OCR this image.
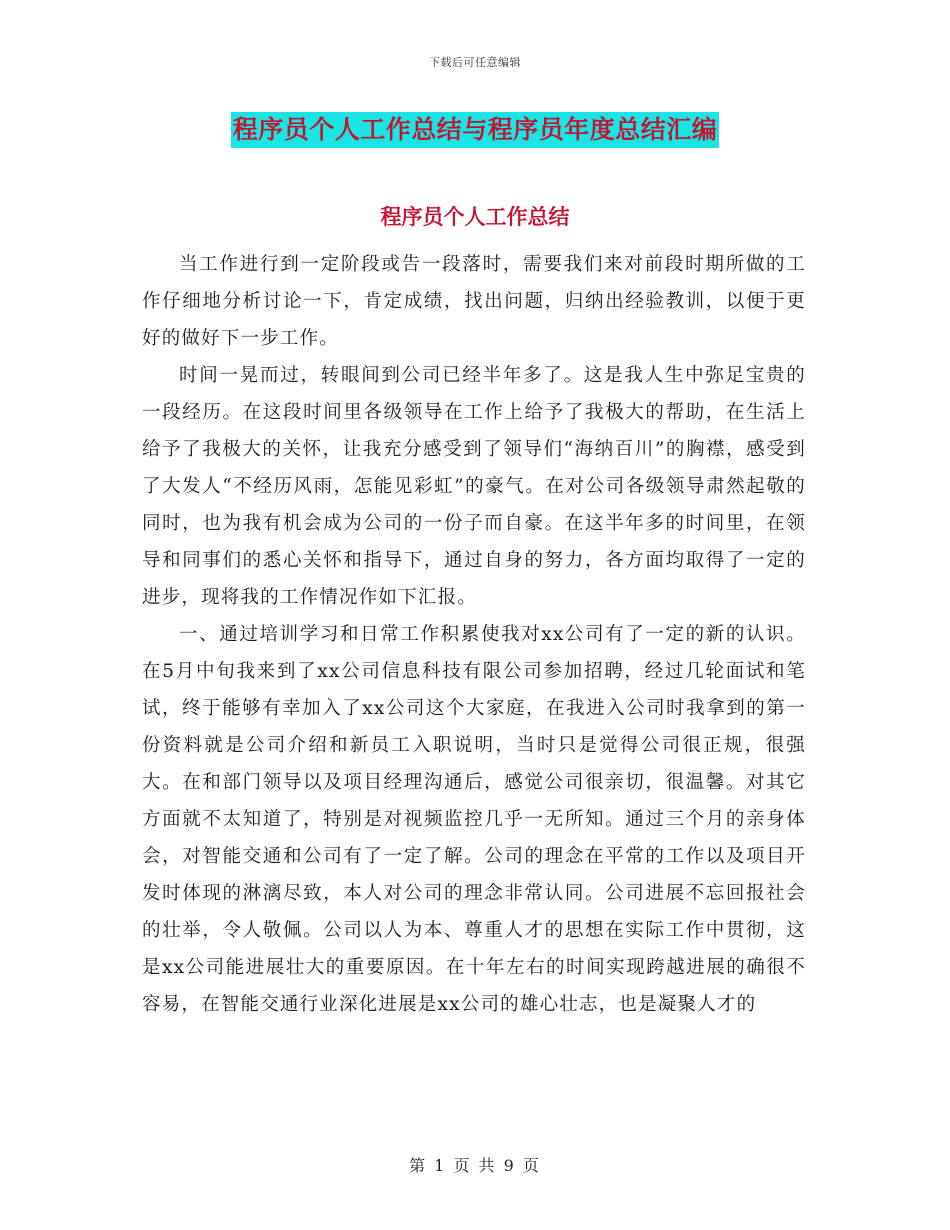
下载后可任意编辑
程序员个人工作总结与程序员年度总结汇编
程序员个人工作总结

当工作进行到一定阶段或告一段落时，需要我们来对前段时期所做的工作仔细地分析讨论一下，肯定成绩，找出问题，归纳出经验教训，以便于更好的做好下一步工作。

时间一晃而过，转眼间到公司已经半年多了。这是我人生中弥足宝贵的一段经历。在这段时间里各级领导在工作上给予了我极大的帮助，在生活上给予了我极大的关怀，让我充分感受到了领导们“海纳百川”的胸襟，感受到了大发人“不经历风雨，怎能见彩虹”的豪气。在对公司各级领导肃然起敬的同时，也为我有机会成为公司的一份子而自豪。在这半年多的时间里，在领导和同事们的悉心关怀和指导下，通过自身的努力，各方面均取得了一定的进步，现将我的工作情况作如下汇报。

一、通过培训学习和日常工作积累使我对xx公司有了一定的新的认识。在5月中旬我来到了xx公司信息科技有限公司参加招聘，经过几轮面试和笔试，终于能够有幸加入了xx公司这个大家庭，在我进入公司时我拿到的第一份资料就是公司介绍和新员工入职说明，当时只是觉得公司很正规，很强大。在和部门领导以及项目经理沟通后，感觉公司很亲切，很温馨。对其它方面就不太知道了，特别是对视频监控几乎一无所知。通过三个月的亲身体会，对智能交通和公司有了一定了解。公司的理念在平常的工作以及项目开发时体现的淋漓尽致，本人对公司的理念非常认同。公司进展不忘回报社会的壮举，令人敬佩。公司以人为本、尊重人才的思想在实际工作中贯彻，这是xx公司能进展壮大的重要原因。在十年左右的时间实现跨越进展的确很不容易，在智能交通行业深化进展是xx公司的雄心壮志，也是凝聚人才的

第 1 页 共 9 页
